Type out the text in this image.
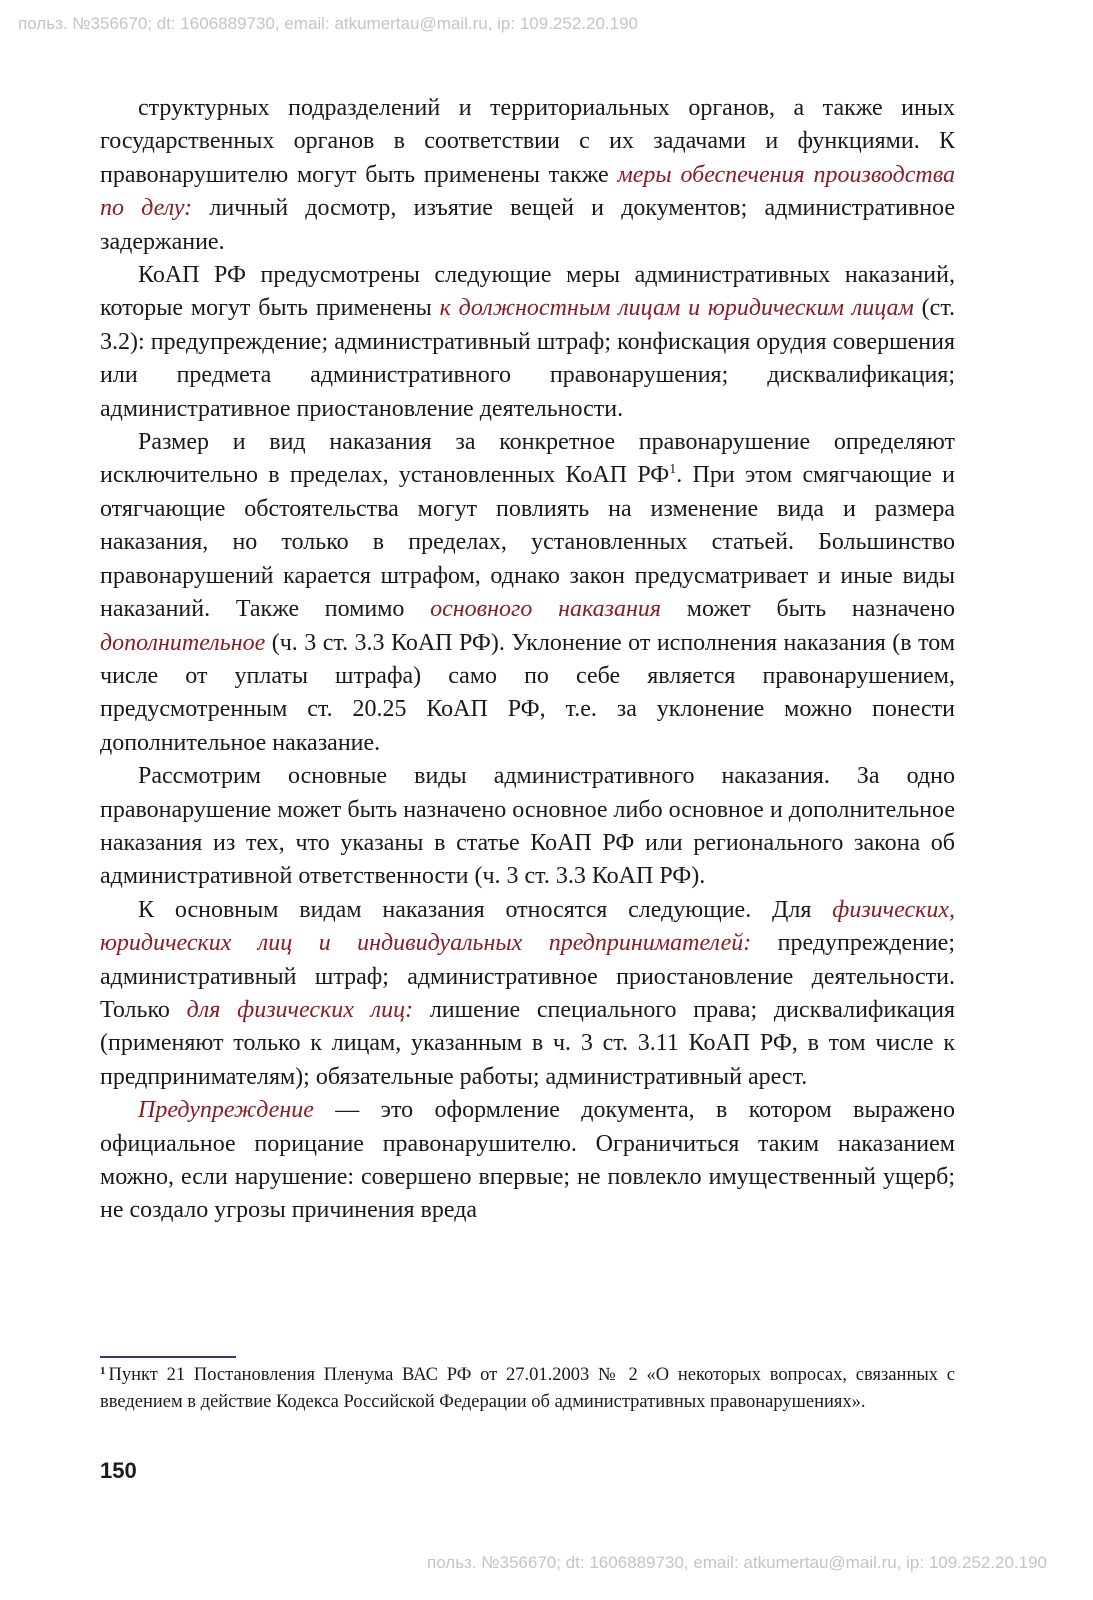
польз. №356670; dt: 1606889730, email: atkumertau@mail.ru, ip: 109.252.20.190

структурных подразделений и территориальных органов, а также иных государственных органов в соответствии с их задачами и функциями. К правонарушителю могут быть применены также меры обеспечения производства по делу: личный досмотр, изъятие вещей и документов; административное задержание.

КоАП РФ предусмотрены следующие меры административных наказаний, которые могут быть применены к должностным лицам и юридическим лицам (ст. 3.2): предупреждение; административный штраф; конфискация орудия совершения или предмета административного правонарушения; дисквалификация; административное приостановление деятельности.

Размер и вид наказания за конкретное правонарушение определяют исключительно в пределах, установленных КоАП $РФ^1$. При этом смягчающие и отягчающие обстоятельства могут повлиять на изменение вида и размера наказания, но только в пределах, установленных статьей. Большинство правонарушений карается штрафом, однако закон предусматривает и иные виды наказаний. Также помимо основного наказания может быть назначено дополнительное (ч. 3 ст. 3.3 КоАП РФ). Уклонение от исполнения наказания (в том числе от уплаты штрафа) само по себе является правонарушением, предусмотренным ст. 20.25 КоАП РФ, т.е. за уклонение можно понести дополнительное наказание.

Рассмотрим основные виды административного наказания. За одно правонарушение может быть назначено основное либо основное и дополнительное наказания из тех, что указаны в статье КоАП РФ или регионального закона об административной ответственности (ч. 3 ст. 3.3 КоАП РФ).

К основным видам наказания относятся следующие. Для физических, юридических лиц и индивидуальных предпринимателей: предупреждение; административный штраф; административное приостановление деятельности. Только для физических лиц: лишение специального права; дисквалификация (применяют только к лицам, указанным в ч. 3 ст. 3.11 КоАП РФ, в том числе к предпринимателям); обязательные работы; административный арест.

Предупреждение — это оформление документа, в котором выражено официальное порицание правонарушителю. Ограничиться таким наказанием можно, если нарушение: совершено впервые; не повлекло имущественный ущерб; не создало угрозы причинения вреда

$^1$ Пункт 21 Постановления Пленума ВАС РФ от 27.01.2003 № 2 «О некоторых вопросах, связанных с введением в действие Кодекса Российской Федерации об административных правонарушениях».

150
польз. №356670; dt: 1606889730, email: atkumertau@mail.ru, ip: 109.252.20.190
